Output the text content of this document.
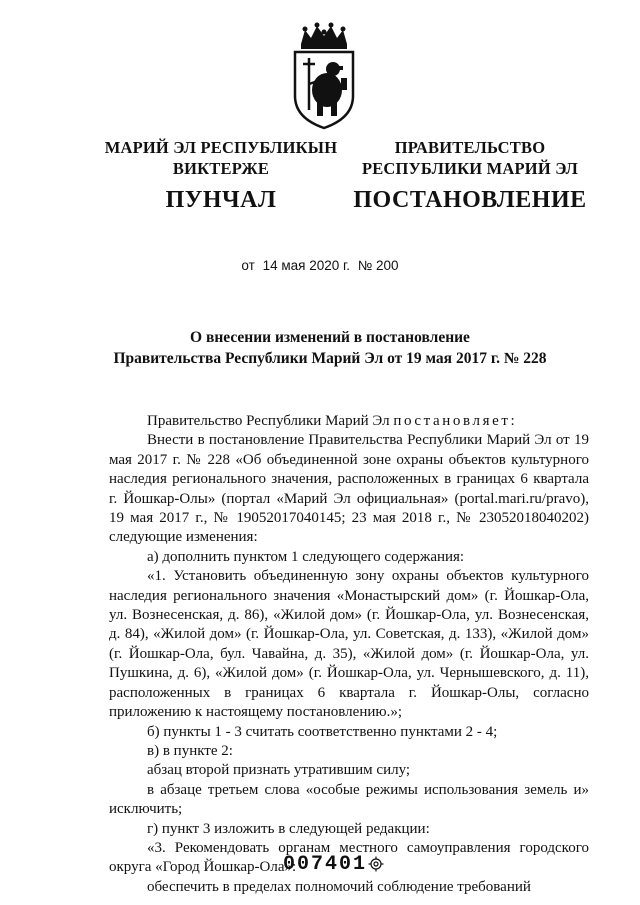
МАРИЙ ЭЛ РЕСПУБЛИКЫН
ВИКТЕРЖЕ
ПУНЧАЛ
ПРАВИТЕЛЬСТВО
РЕСПУБЛИКИ МАРИЙ ЭЛ
ПОСТАНОВЛЕНИЕ
от 14 мая 2020 г. № 200
О внесении изменений в постановление
Правительства Республики Марий Эл от 19 мая 2017 г. № 228

Правительство Республики Марий Эл постановляет:

Внести в постановление Правительства Республики Марий Эл от 19 мая 2017 г. № 228 «Об объединенной зоне охраны объектов культурного наследия регионального значения, расположенных в границах 6 квартала г. Йошкар-Олы» (портал «Марий Эл официальная» (portal.mari.ru/pravo), 19 мая 2017 г., № 19052017040145; 23 мая 2018 г., № 23052018040202) следующие изменения:

а) дополнить пунктом 1 следующего содержания:

«1. Установить объединенную зону охраны объектов культурного наследия регионального значения «Монастырский дом» (г. Йошкар-Ола, ул. Вознесенская, д. 86), «Жилой дом» (г. Йошкар-Ола, ул. Вознесенская, д. 84), «Жилой дом» (г. Йошкар-Ола, ул. Советская, д. 133), «Жилой дом» (г. Йошкар-Ола, бул. Чавайна, д. 35), «Жилой дом» (г. Йошкар-Ола, ул. Пушкина, д. 6), «Жилой дом» (г. Йошкар-Ола, ул. Чернышевского, д. 11), расположенных в границах 6 квартала г. Йошкар-Олы, согласно приложению к настоящему постановлению.»;

б) пункты 1 - 3 считать соответственно пунктами 2 - 4;

в) в пункте 2:

абзац второй признать утратившим силу;

в абзаце третьем слова «особые режимы использования земель и» исключить;

г) пункт 3 изложить в следующей редакции:

«3. Рекомендовать органам местного самоуправления городского округа «Город Йошкар-Ола»:

обеспечить в пределах полномочий соблюдение требований

007401
